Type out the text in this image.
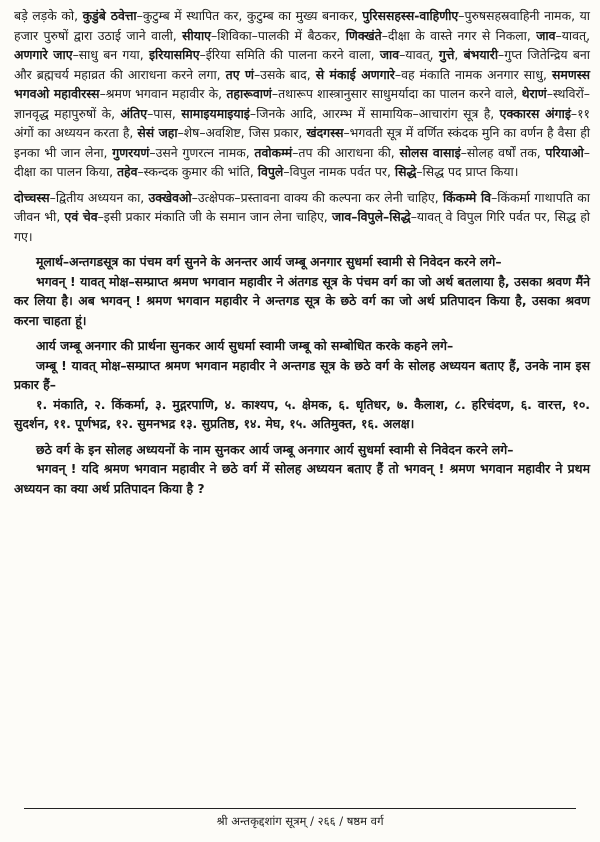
बड़े लड़के को, कुडुंबे ठवेत्ता–कुटुम्ब में स्थापित कर, कुटुम्ब का मुख्य बनाकर, पुरिससहस्स-वाहिणीए–पुरुषसहस्रवाहिनी नामक, या हजार पुरुषों द्वारा उठाई जाने वाली, सीयाए–शिविका–पालकी में बैठकर, णिक्खंते–दीक्षा के वास्ते नगर से निकला, जाव–यावत्, अणगारे जाए–साधु बन गया, इरियासमिए–ईरिया समिति की पालना करने वाला, जाव–यावत्, गुत्ते, बंभयारी–गुप्त जितेन्द्रिय बना और ब्रह्मचर्य महाव्रत की आराधना करने लगा, तए णं–उसके बाद, से मंकाई अणगारे–वह मंकाति नामक अनगार साधु, समणस्स भगवओ महावीरस्स–श्रमण भगवान महावीर के, तहारूवाणं–तथारूप शास्त्रानुसार साधुमर्यादा का पालन करने वाले, थेराणं–स्थविरों–ज्ञानवृद्ध महापुरुषों के, अंतिए–पास, सामाइयमाइयाइं–जिनके आदि, आरम्भ में सामायिक–आचारांग सूत्र है, एक्कारस अंगाइं–११ अंगों का अध्ययन करता है, सेसं जहा–शेष–अवशिष्ट, जिस प्रकार, खंदगस्स–भगवती सूत्र में वर्णित स्कंदक मुनि का वर्णन है वैसा ही इनका भी जान लेना, गुणरयणं–उसने गुणरत्न नामक, तवोकम्मं–तप की आराधना की, सोलस वासाइं–सोलह वर्षों तक, परियाओ–दीक्षा का पालन किया, तहेव–स्कन्दक कुमार की भांति, विपुले–विपुल नामक पर्वत पर, सिद्धे–सिद्ध पद प्राप्त किया।

दोच्चस्स–द्वितीय अध्ययन का, उक्खेवओ–उत्क्षेपक–प्रस्तावना वाक्य की कल्पना कर लेनी चाहिए, किंकम्मे वि–किंकर्मा गाथापति का जीवन भी, एवं चेव–इसी प्रकार मंकाति जी के समान जान लेना चाहिए, जाव–विपुले–सिद्धे–यावत् वे विपुल गिरि पर्वत पर, सिद्ध हो गए।

मूलार्थ–अन्तगडसूत्र का पंचम वर्ग सुनने के अनन्तर आर्य जम्बू अनगार सुधर्मा स्वामी से निवेदन करने लगे–

भगवन् ! यावत् मोक्ष–सम्प्राप्त श्रमण भगवान महावीर ने अंतगड सूत्र के पंचम वर्ग का जो अर्थ बतलाया है, उसका श्रवण मैंने कर लिया है। अब भगवन् ! श्रमण भगवान महावीर ने अन्तगड सूत्र के छठे वर्ग का जो अर्थ प्रतिपादन किया है, उसका श्रवण करना चाहता हूं।

आर्य जम्बू अनगार की प्रार्थना सुनकर आर्य सुधर्मा स्वामी जम्बू को सम्बोधित करके कहने लगे–

जम्बू ! यावत् मोक्ष–सम्प्राप्त श्रमण भगवान महावीर ने अन्तगड सूत्र के छठे वर्ग के सोलह अध्ययन बताए हैं, उनके नाम इस प्रकार हैं–

१. मंकाति, २. किंकर्मा, ३. मुद्गरपाणि, ४. काश्यप, ५. क्षेमक, ६. धृतिधर, ७. कैलाश, ८. हरिचंदण, ६. वारत्त, १०. सुदर्शन, ११. पूर्णभद्र, १२. सुमनभद्र १३. सुप्रतिष्ठ, १४. मेघ, १५. अतिमुक्त, १६. अलक्ष।

छठे वर्ग के इन सोलह अध्ययनों के नाम सुनकर आर्य जम्बू अनगार आर्य सुधर्मा स्वामी से निवेदन करने लगे–

भगवन् ! यदि श्रमण भगवान महावीर ने छठे वर्ग में सोलह अध्ययन बताए हैं तो भगवन् ! श्रमण भगवान महावीर ने प्रथम अध्ययन का क्या अर्थ प्रतिपादन किया है ?

श्री अन्तकृद्दशांग सूत्रम् / २६६ / षष्ठम वर्ग
